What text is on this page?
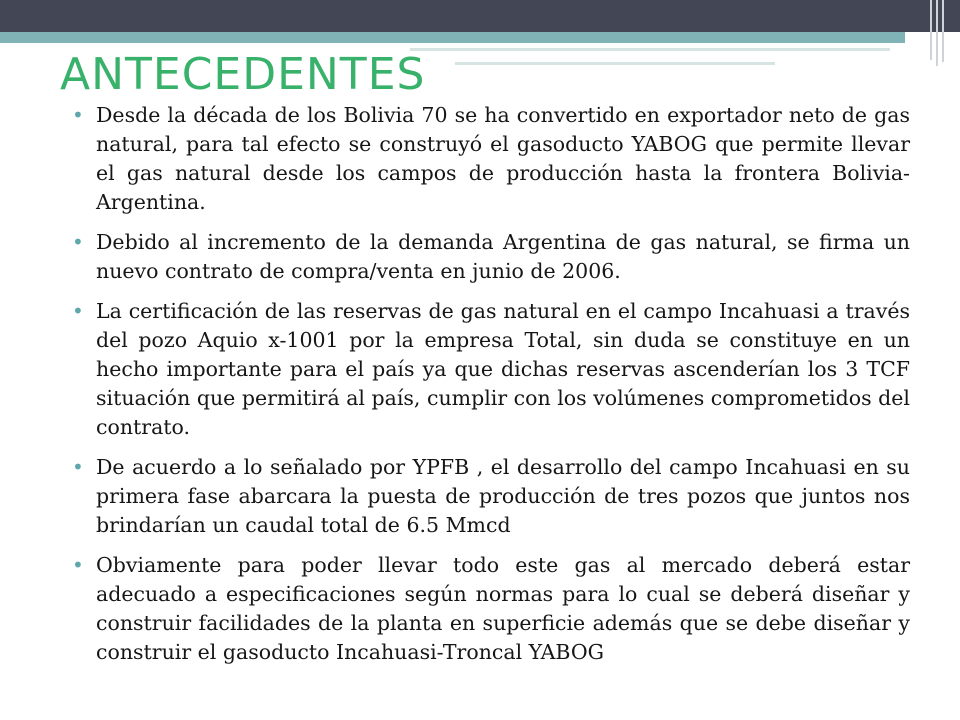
ANTECEDENTES
• Desde la década de los Bolivia 70 se ha convertido en exportador neto de gas natural, para tal efecto se construyó el gasoducto YABOG que permite llevar el gas natural desde los campos de producción hasta la frontera Bolivia-Argentina.
• Debido al incremento de la demanda Argentina de gas natural, se firma un nuevo contrato de compra/venta en junio de 2006.
• La certificación de las reservas de gas natural en el campo Incahuasi a través del pozo Aquio x-1001 por la empresa Total, sin duda se constituye en un hecho importante para el país ya que dichas reservas ascenderían los 3 TCF situación que permitirá al país, cumplir con los volúmenes comprometidos del contrato.
• De acuerdo a lo señalado por YPFB , el desarrollo del campo Incahuasi en su primera fase abarcara la puesta de producción de tres pozos que juntos nos brindarían un caudal total de 6.5 Mmcd
• Obviamente para poder llevar todo este gas al mercado deberá estar adecuado a especificaciones según normas para lo cual se deberá diseñar y construir facilidades de la planta en superficie además que se debe diseñar y construir el gasoducto Incahuasi-Troncal YABOG
